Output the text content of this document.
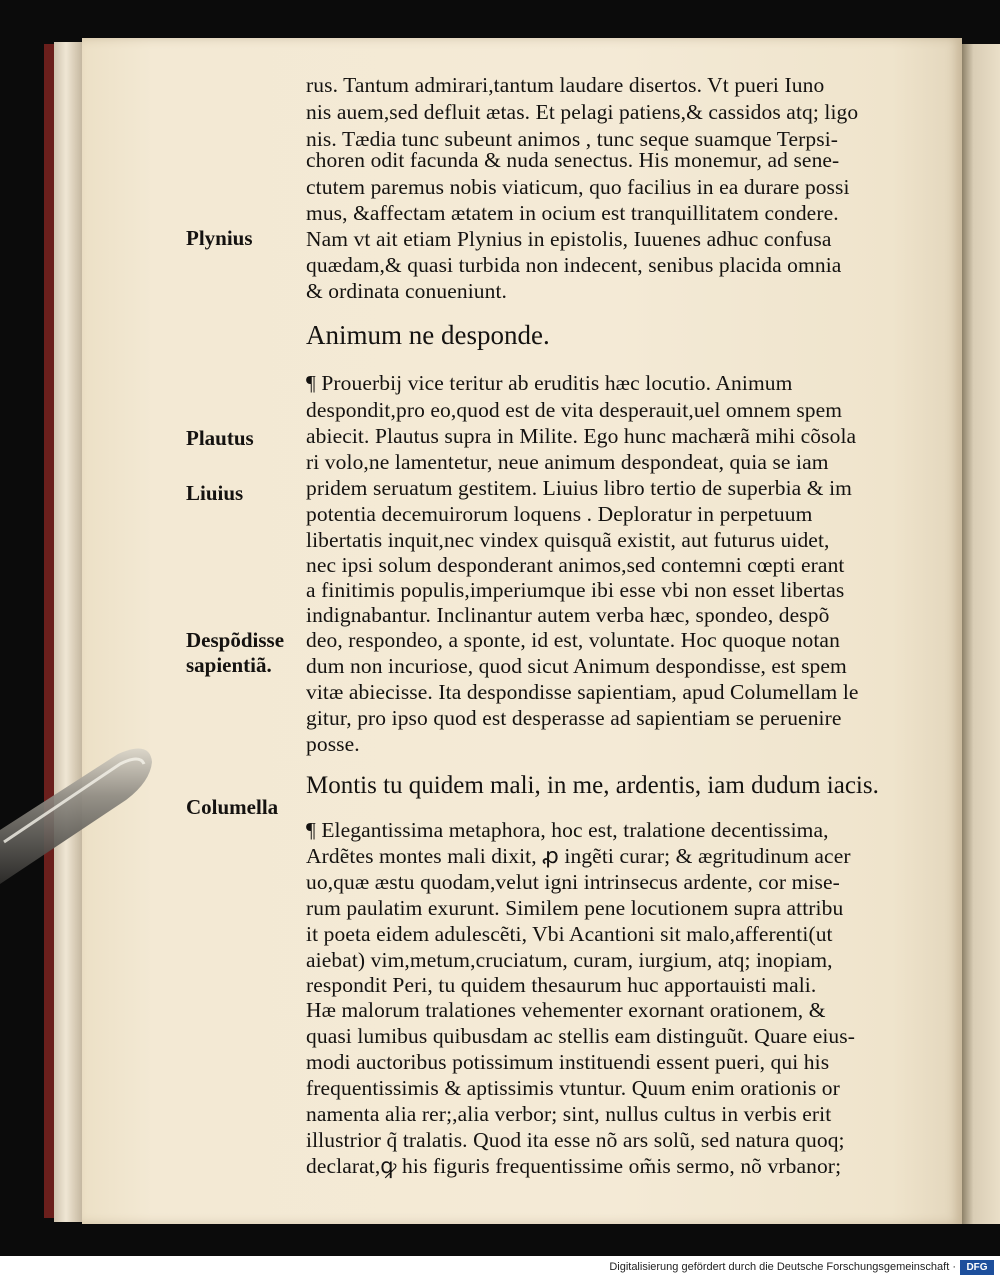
rus. Tantum admirari,tantum laudare disertos. Vt pueri Iuno
nis auem,sed defluit ætas. Et pelagi patiens,& cassidos atq; ligo
nis. Tædia tunc subeunt animos , tunc seque suamque Terpsi-
choren odit facunda & nuda senectus. His monemur, ad sene-
ctutem paremus nobis viaticum, quo facilius in ea durare possi
mus, &affectam ætatem in ocium est tranquillitatem condere.
Nam vt ait etiam Plynius in epistolis, Iuuenes adhuc confusa
quædam,& quasi turbida non indecent, senibus placida omnia
& ordinata conueniunt.
Animum ne desponde.
¶ Prouerbij vice teritur ab eruditis hæc locutio. Animum
despondit,pro eo,quod est de vita desperauit,uel omnem spem
abiecit. Plautus supra in Milite. Ego hunc machærã mihi cõsola
ri volo,ne lamentetur, neue animum despondeat, quia se iam
pridem seruatum gestitem. Liuius libro tertio de superbia & im
potentia decemuirorum loquens . Deploratur in perpetuum
libertatis inquit,nec vindex quisquã existit, aut futurus uidet,
nec ipsi solum desponderant animos,sed contemni cœpti erant
a finitimis populis,imperiumque ibi esse vbi non esset libertas
indignabantur. Inclinantur autem verba hæc, spondeo, despõ
deo, respondeo, a sponte, id est, voluntate. Hoc quoque notan
dum non incuriose, quod sicut Animum despondisse, est spem
vitæ abiecisse. Ita despondisse sapientiam, apud Columellam le
gitur, pro ipso quod est desperasse ad sapientiam se peruenire
posse.
Montis tu quidem mali, in me, ardentis, iam dudum iacis.
¶ Elegantissima metaphora, hoc est, tralatione decentissima,
Ardẽtes montes mali dixit, ꝓ ingẽti curar; & ægritudinum acer
uo,quæ æstu quodam,velut igni intrinsecus ardente, cor mise-
rum paulatim exurunt. Similem pene locutionem supra attribu
it poeta eidem adulescẽti, Vbi Acantioni sit malo,afferenti(ut
aiebat) vim,metum,cruciatum, curam, iurgium, atq; inopiam,
respondit Peri, tu quidem thesaurum huc apportauisti mali.
Hæ malorum tralationes vehementer exornant orationem, &
quasi lumibus quibusdam ac stellis eam distinguũt. Quare eius-
modi auctoribus potissimum instituendi essent pueri, qui his
frequentissimis & aptissimis vtuntur. Quum enim orationis or
namenta alia rer;,alia verbor; sint, nullus cultus in verbis erit
illustrior q̃ tralatis. Quod ita esse nõ ars solũ, sed natura quoq;
declarat,ꝙ his figuris frequentissime om̃is sermo, nõ vrbanor;
Plynius
Plautus
Liuius
Despõdisse
sapientiã.
Columella
Digitalisierung gefördert durch die Deutsche Forschungsgemeinschaft ·	DFG
